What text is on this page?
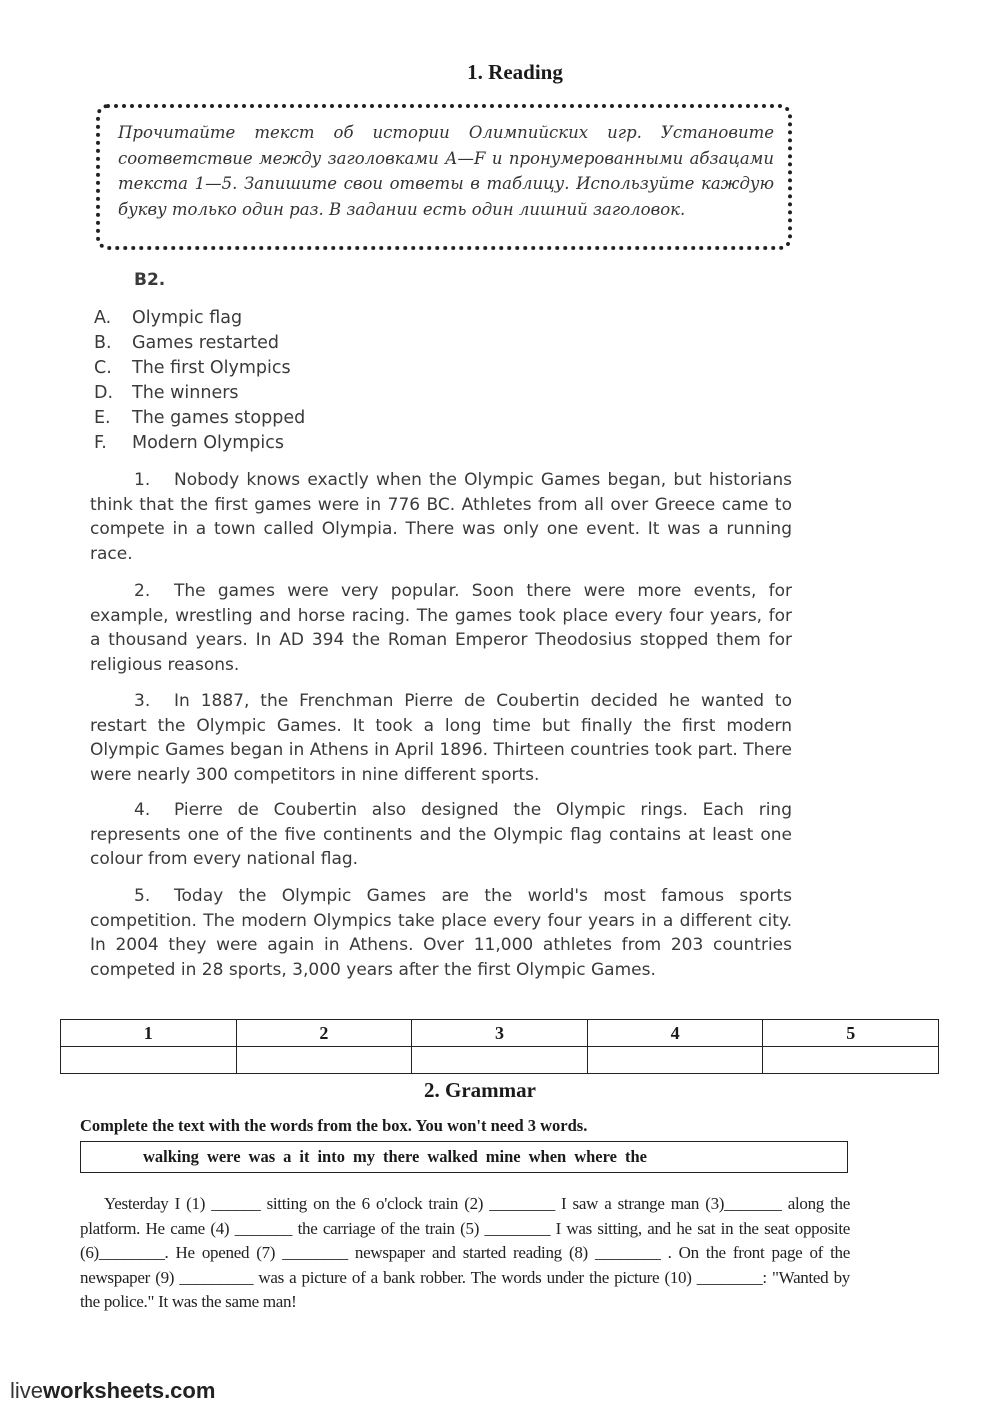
1. Reading
Прочитайте текст об истории Олимпийских игр. Установите соответствие между заголовками А—F и пронумерованными абзацами текста 1—5. Запишите свои ответы в таблицу. Используйте каждую букву только один раз. В задании есть один лишний заголовок.
B2.
A.	Olympic flag
B.	Games restarted
C.	The first Olympics
D.	The winners
E.	The games stopped
F.	Modern Olympics
1. Nobody knows exactly when the Olympic Games began, but historians think that the first games were in 776 BC. Athletes from all over Greece came to compete in a town called Olympia. There was only one event. It was a running race.
2. The games were very popular. Soon there were more events, for example, wrestling and horse racing. The games took place every four years, for a thousand years. In AD 394 the Roman Emperor Theodosius stopped them for religious reasons.
3. In 1887, the Frenchman Pierre de Coubertin decided he wanted to restart the Olympic Games. It took a long time but finally the first modern Olympic Games began in Athens in April 1896. Thirteen countries took part. There were nearly 300 competitors in nine different sports.
4. Pierre de Coubertin also designed the Olympic rings. Each ring represents one of the five continents and the Olympic flag contains at least one colour from every national flag.
5. Today the Olympic Games are the world's most famous sports competition. The modern Olympics take place every four years in a different city. In 2004 they were again in Athens. Over 11,000 athletes from 203 countries competed in 28 sports, 3,000 years after the first Olympic Games.
1	2	3	4	5

2. Grammar
Complete the text with the words from the box. You won't need 3 words.
walking were was a it into my there walked mine when where the
Yesterday I (1) ______ sitting on the 6 o'clock train (2) ________ I saw a strange man (3)_______ along the platform. He came (4) _______ the carriage of the train (5) ________ I was sitting, and he sat in the seat opposite (6)________. He opened (7) ________ newspaper and started reading (8) ________ . On the front page of the newspaper (9) _________ was a picture of a bank robber. The words under the picture (10) ________: "Wanted by the police." It was the same man!
liveworksheets.com
